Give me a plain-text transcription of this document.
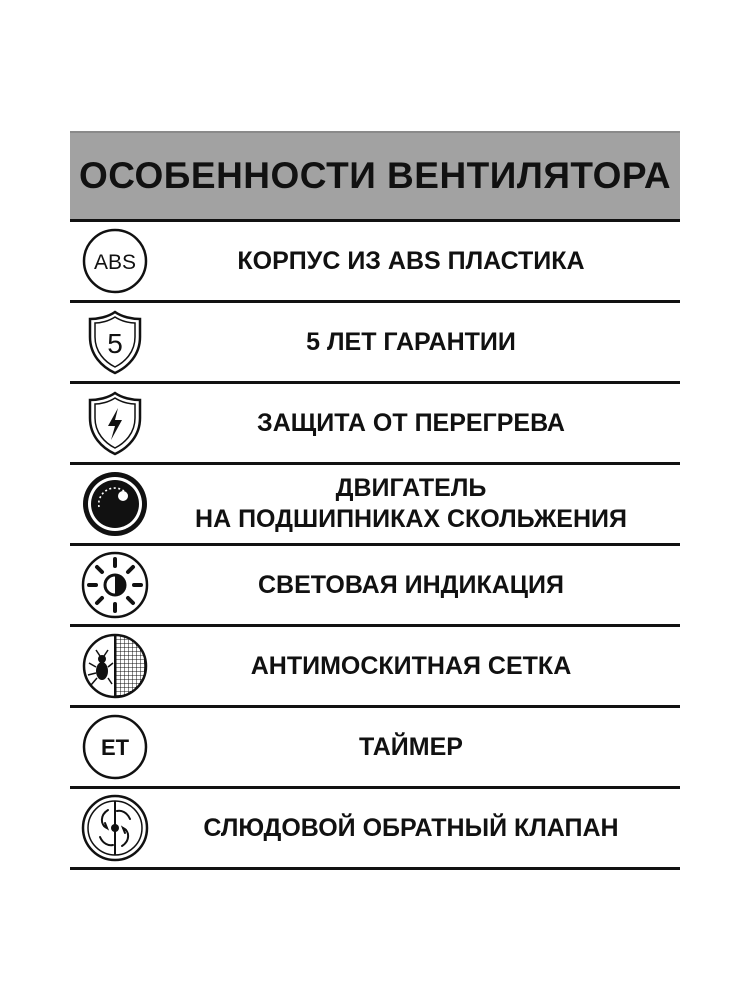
ОСОБЕННОСТИ ВЕНТИЛЯТОРА
ABS	КОРПУС ИЗ ABS ПЛАСТИКА
5	5 ЛЕТ ГАРАНТИИ
ЗАЩИТА ОТ ПЕРЕГРЕВА
ДВИГАТЕЛЬ
НА ПОДШИПНИКАХ СКОЛЬЖЕНИЯ
СВЕТОВАЯ ИНДИКАЦИЯ
АНТИМОСКИТНАЯ СЕТКА
ET	ТАЙМЕР
СЛЮДОВОЙ ОБРАТНЫЙ КЛАПАН
